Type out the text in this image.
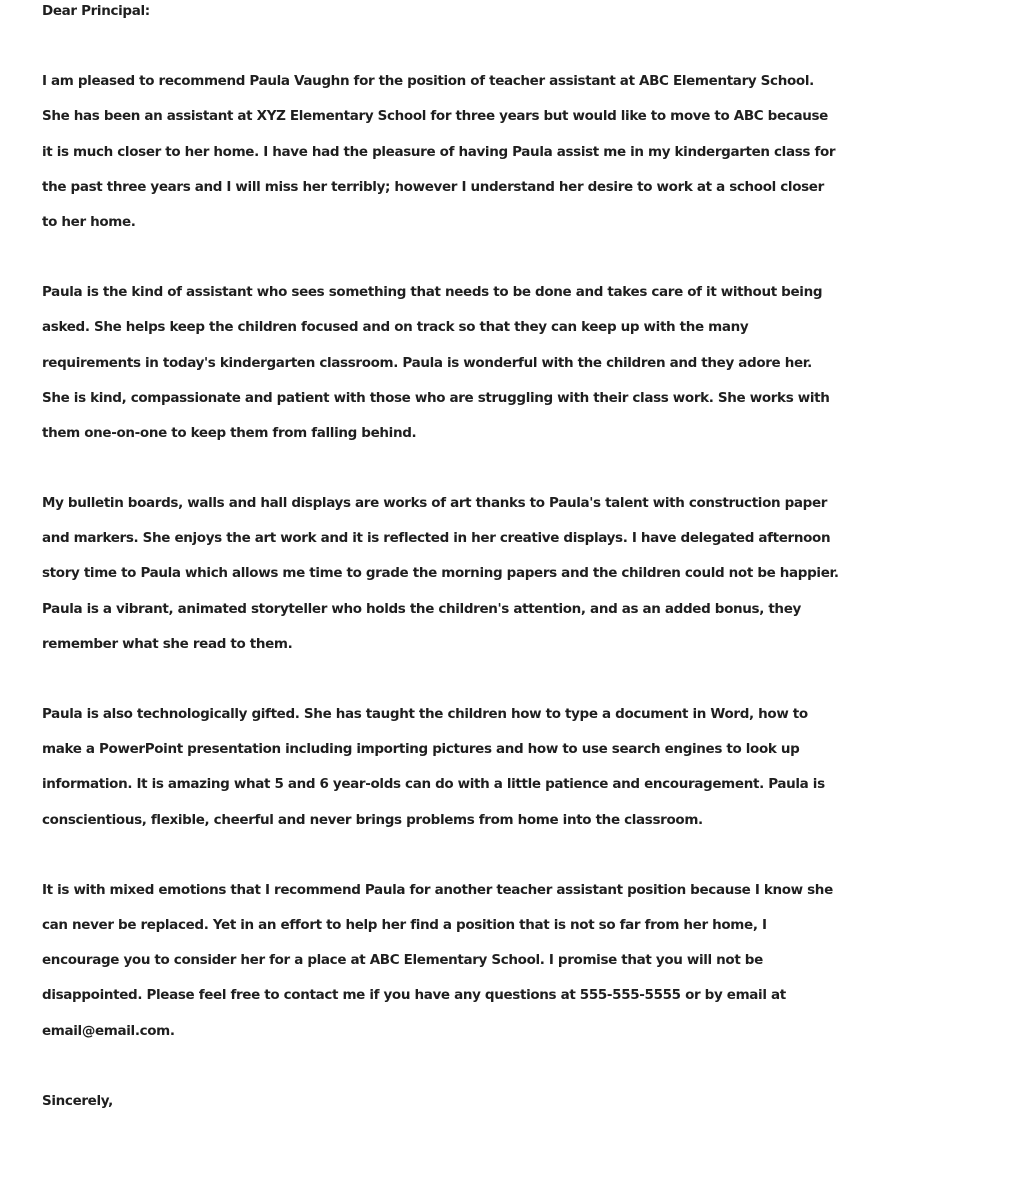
Dear Principal:
I am pleased to recommend Paula Vaughn for the position of teacher assistant at ABC Elementary School.
She has been an assistant at XYZ Elementary School for three years but would like to move to ABC because
it is much closer to her home. I have had the pleasure of having Paula assist me in my kindergarten class for
the past three years and I will miss her terribly; however I understand her desire to work at a school closer
to her home.
Paula is the kind of assistant who sees something that needs to be done and takes care of it without being
asked. She helps keep the children focused and on track so that they can keep up with the many
requirements in today's kindergarten classroom. Paula is wonderful with the children and they adore her.
She is kind, compassionate and patient with those who are struggling with their class work. She works with
them one-on-one to keep them from falling behind.
My bulletin boards, walls and hall displays are works of art thanks to Paula's talent with construction paper
and markers. She enjoys the art work and it is reflected in her creative displays. I have delegated afternoon
story time to Paula which allows me time to grade the morning papers and the children could not be happier.
Paula is a vibrant, animated storyteller who holds the children's attention, and as an added bonus, they
remember what she read to them.
Paula is also technologically gifted. She has taught the children how to type a document in Word, how to
make a PowerPoint presentation including importing pictures and how to use search engines to look up
information. It is amazing what 5 and 6 year-olds can do with a little patience and encouragement. Paula is
conscientious, flexible, cheerful and never brings problems from home into the classroom.
It is with mixed emotions that I recommend Paula for another teacher assistant position because I know she
can never be replaced. Yet in an effort to help her find a position that is not so far from her home, I
encourage you to consider her for a place at ABC Elementary School. I promise that you will not be
disappointed. Please feel free to contact me if you have any questions at 555-555-5555 or by email at
email@email.com.
Sincerely,
